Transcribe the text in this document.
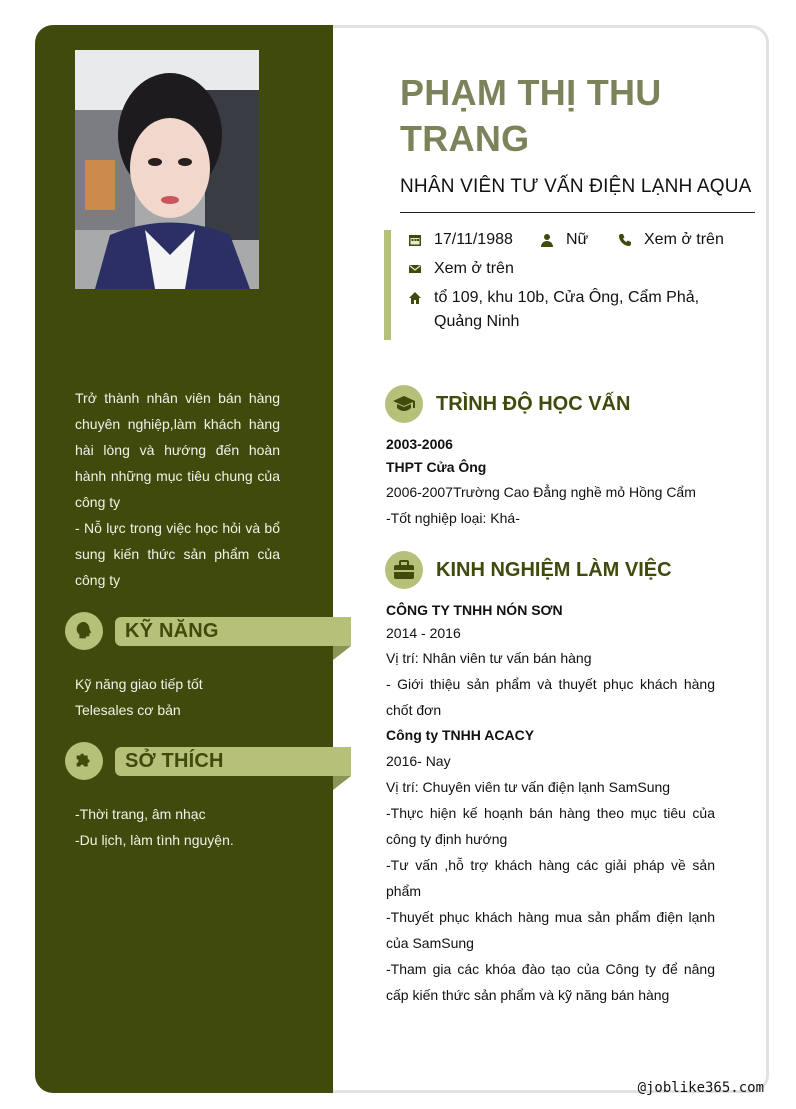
Trở thành nhân viên bán hàng chuyên nghiệp,làm khách hàng hài lòng và hướng đến hoàn hành những mục tiêu chung của công ty

- Nỗ lực trong việc học hỏi và bổ sung kiến thức sản phẩm của công ty

KỸ NĂNG
Kỹ năng giao tiếp tốt
Telesales cơ bản
SỞ THÍCH
-Thời trang, âm nhạc
-Du lịch, làm tình nguyện.
PHẠM THỊ THU TRANG
NHÂN VIÊN TƯ VẤN ĐIỆN LẠNH AQUA
17/11/1988	Nữ	Xem ở trên
Xem ở trên
tổ 109, khu 10b, Cửa Ông, Cẩm Phả, Quảng Ninh
TRÌNH ĐỘ HỌC VẤN
2003-2006
THPT Cửa Ông
2006-2007Trường Cao Đẳng nghề mỏ Hồng Cẩm
-Tốt nghiệp loại: Khá-
KINH NGHIỆM LÀM VIỆC
CÔNG TY TNHH NÓN SƠN
2014 - 2016
Vị trí: Nhân viên tư vấn bán hàng
- Giới thiệu sản phẩm và thuyết phục khách hàng chốt đơn
Công ty TNHH ACACY
2016- Nay
Vị trí: Chuyên viên tư vấn điện lạnh SamSung
-Thực hiện kế hoạnh bán hàng theo mục tiêu của công ty định hướng
-Tư vấn ,hỗ trợ khách hàng các giải pháp về sản phẩm
-Thuyết phục khách hàng mua sản phẩm điện lạnh của SamSung
-Tham gia các khóa đào tạo của Công ty để nâng cấp kiến thức sản phẩm và kỹ năng bán hàng
@joblike365.com
